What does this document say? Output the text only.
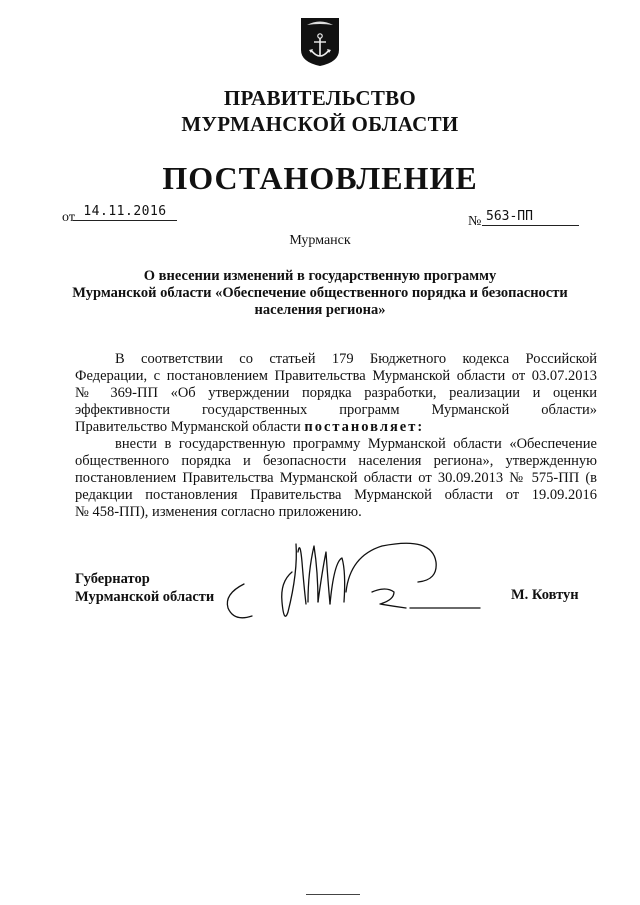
ПРАВИТЕЛЬСТВО
МУРМАНСКОЙ ОБЛАСТИ
ПОСТАНОВЛЕНИЕ
от 14.11.2016
№ 563-ПП
Мурманск
О внесении изменений в государственную программу
Мурманской области «Обеспечение общественного порядка и безопасности
населения региона»
В соответствии со статьей 179 Бюджетного кодекса Российской
Федерации, с постановлением Правительства Мурманской области от 03.07.2013
№ 369-ПП «Об утверждении порядка разработки, реализации и оценки
эффективности государственных программ Мурманской области»
Правительство Мурманской области постановляет:
внести в государственную программу Мурманской области «Обеспечение
общественного порядка и безопасности населения региона», утвержденную
постановлением Правительства Мурманской области от 30.09.2013 № 575-ПП (в
редакции постановления Правительства Мурманской области от 19.09.2016
№ 458-ПП), изменения согласно приложению.
Губернатор
Мурманской области	М. Ковтун
